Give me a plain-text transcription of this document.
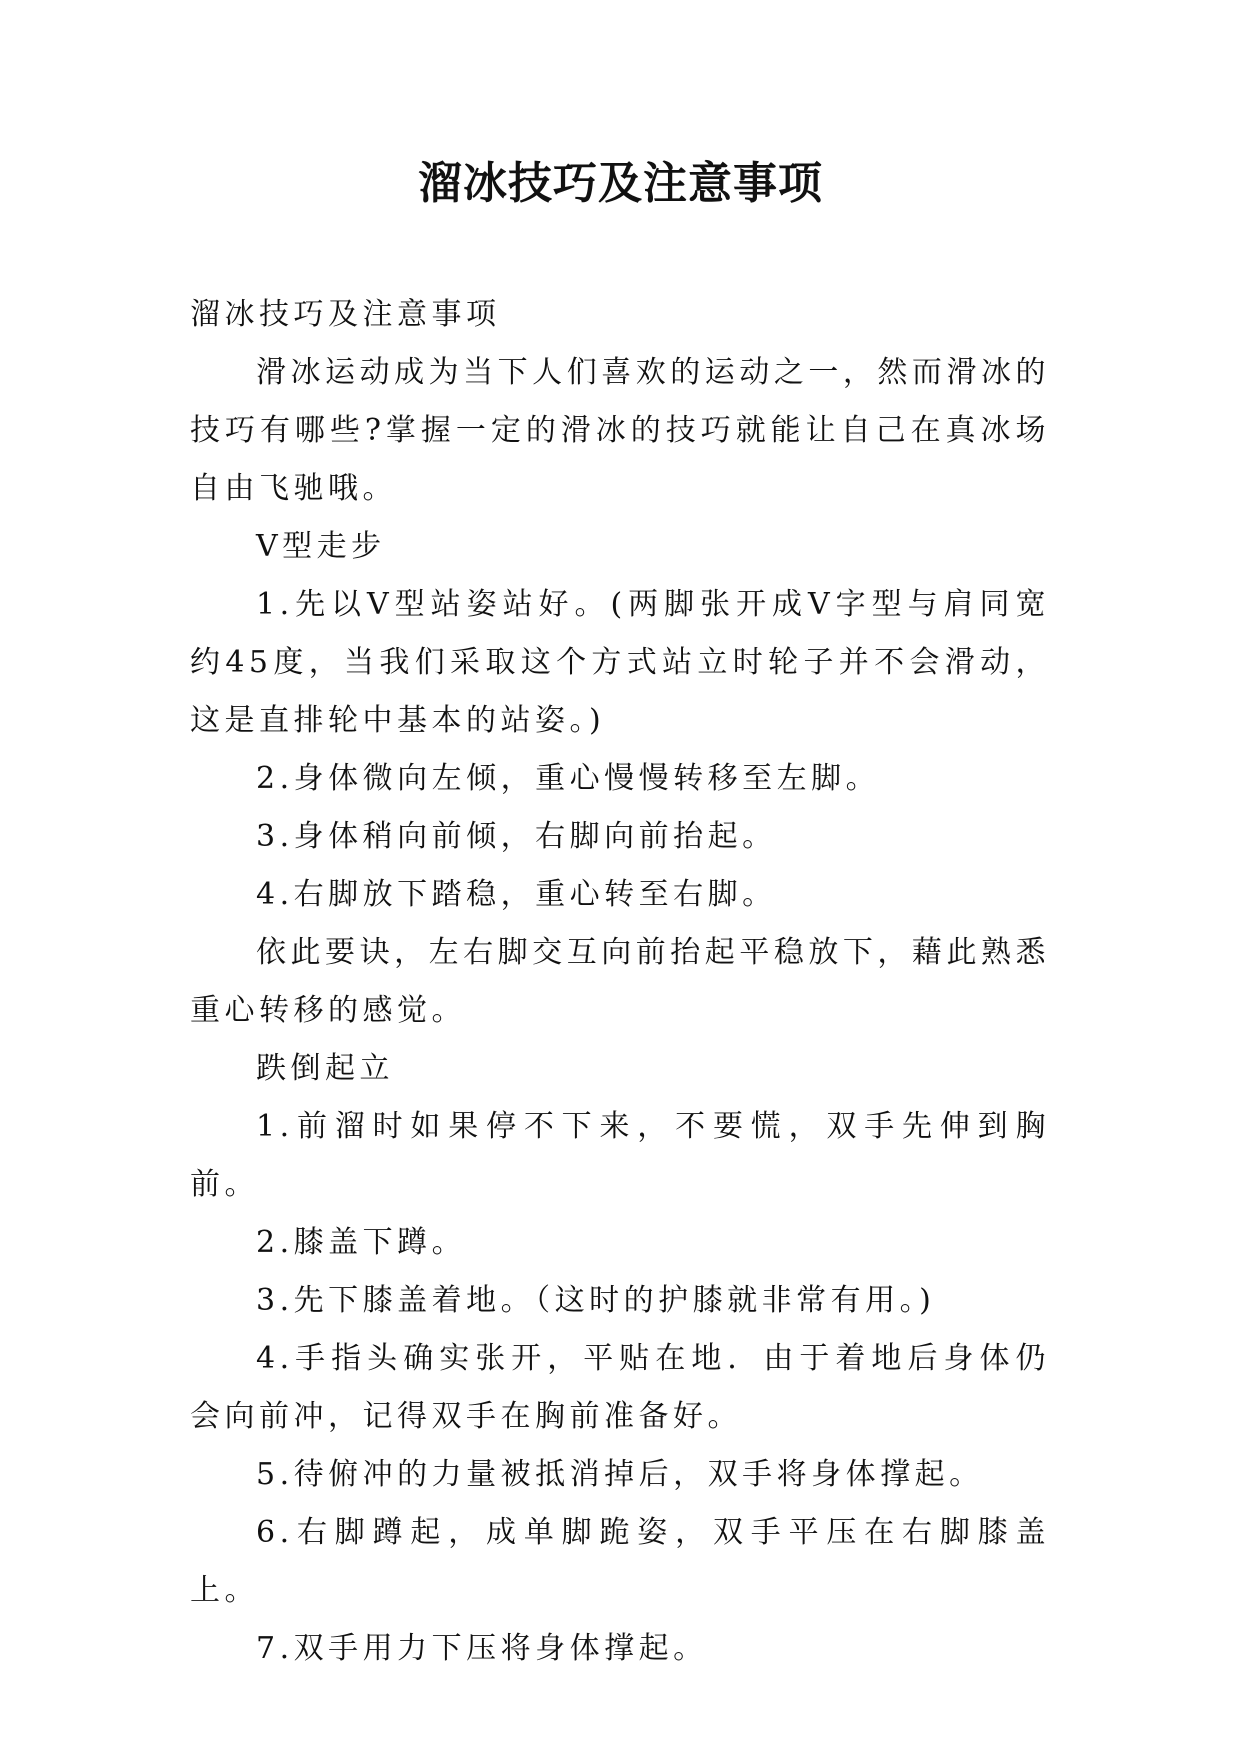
溜冰技巧及注意事项

溜冰技巧及注意事项

滑冰运动成为当下人们喜欢的运动之一，然而滑冰的技巧有哪些?掌握一定的滑冰的技巧就能让自己在真冰场自由飞驰哦。

V型走步

1.先以V型站姿站好。(两脚张开成V字型与肩同宽约45度，当我们采取这个方式站立时轮子并不会滑动，这是直排轮中基本的站姿。)

2.身体微向左倾，重心慢慢转移至左脚。

3.身体稍向前倾，右脚向前抬起。

4.右脚放下踏稳，重心转至右脚。

依此要诀，左右脚交互向前抬起平稳放下，藉此熟悉重心转移的感觉。

跌倒起立

1.前溜时如果停不下来，不要慌，双手先伸到胸前。

2.膝盖下蹲。

3.先下膝盖着地。（这时的护膝就非常有用。)

4.手指头确实张开，平贴在地．由于着地后身体仍会向前冲，记得双手在胸前准备好。

5.待俯冲的力量被抵消掉后，双手将身体撑起。

6.右脚蹲起，成单脚跪姿，双手平压在右脚膝盖上。

7.双手用力下压将身体撑起。
